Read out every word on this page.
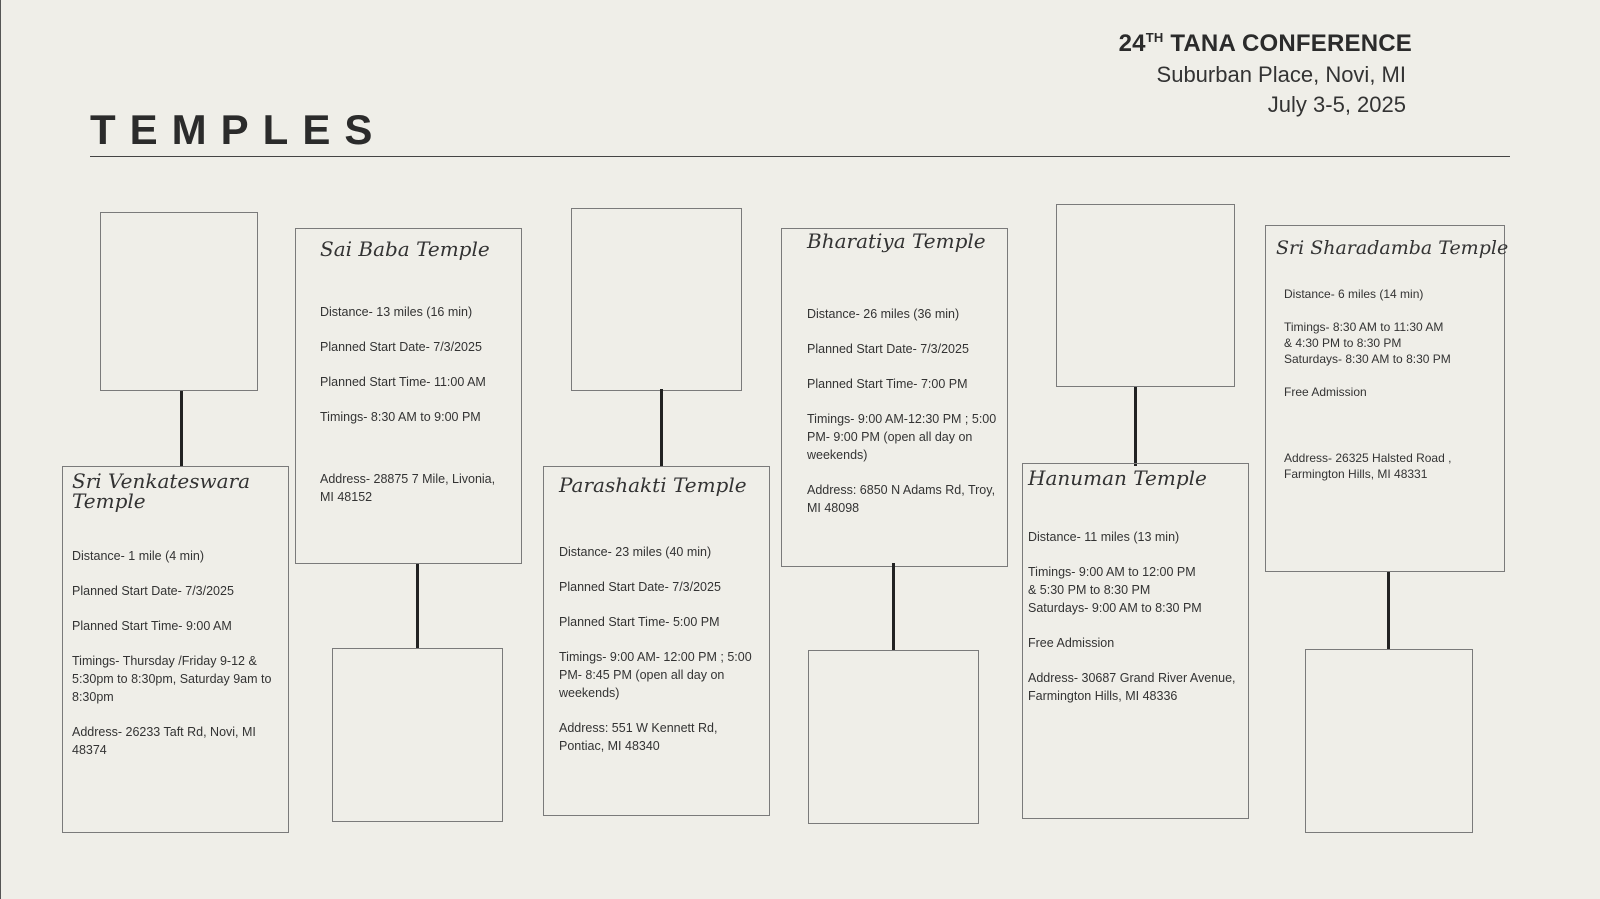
24TH TANA CONFERENCE
Suburban Place, Novi, MI
July 3-5, 2025
TEMPLES
Sri Venkateswara Temple

Distance- 1 mile (4 min)

Planned Start Date- 7/3/2025

Planned Start Time- 9:00 AM

Timings- Thursday /Friday 9-12 & 5:30pm to 8:30pm, Saturday 9am to 8:30pm

Address- 26233 Taft Rd, Novi, MI 48374

Sai Baba Temple

Distance- 13 miles (16 min)

Planned Start Date- 7/3/2025

Planned Start Time- 11:00 AM

Timings- 8:30 AM to 9:00 PM

Address- 28875 7 Mile, Livonia, MI 48152	Parashakti Temple

Distance- 23 miles (40 min)

Planned Start Date- 7/3/2025

Planned Start Time- 5:00 PM

Timings- 9:00 AM- 12:00 PM ; 5:00 PM- 8:45 PM (open all day on weekends)

Address: 551 W Kennett Rd, Pontiac, MI 48340

Bharatiya Temple

Distance- 26 miles (36 min)

Planned Start Date- 7/3/2025

Planned Start Time- 7:00 PM

Timings- 9:00 AM-12:30 PM ; 5:00 PM- 9:00 PM (open all day on weekends)

Address: 6850 N Adams Rd, Troy, MI 48098

Hanuman Temple

Distance- 11 miles (13 min)

Timings- 9:00 AM to 12:00 PM
& 5:30 PM to 8:30 PM
Saturdays- 9:00 AM to 8:30 PM

Free Admission

Address- 30687 Grand River Avenue, Farmington Hills, MI 48336

Sri Sharadamba Temple

Distance- 6 miles (14 min)

Timings- 8:30 AM to 11:30 AM & 4:30 PM to 8:30 PM Saturdays- 8:30 AM to 8:30 PM

Free Admission

Address- 26325 Halsted Road , Farmington Hills, MI 48331
